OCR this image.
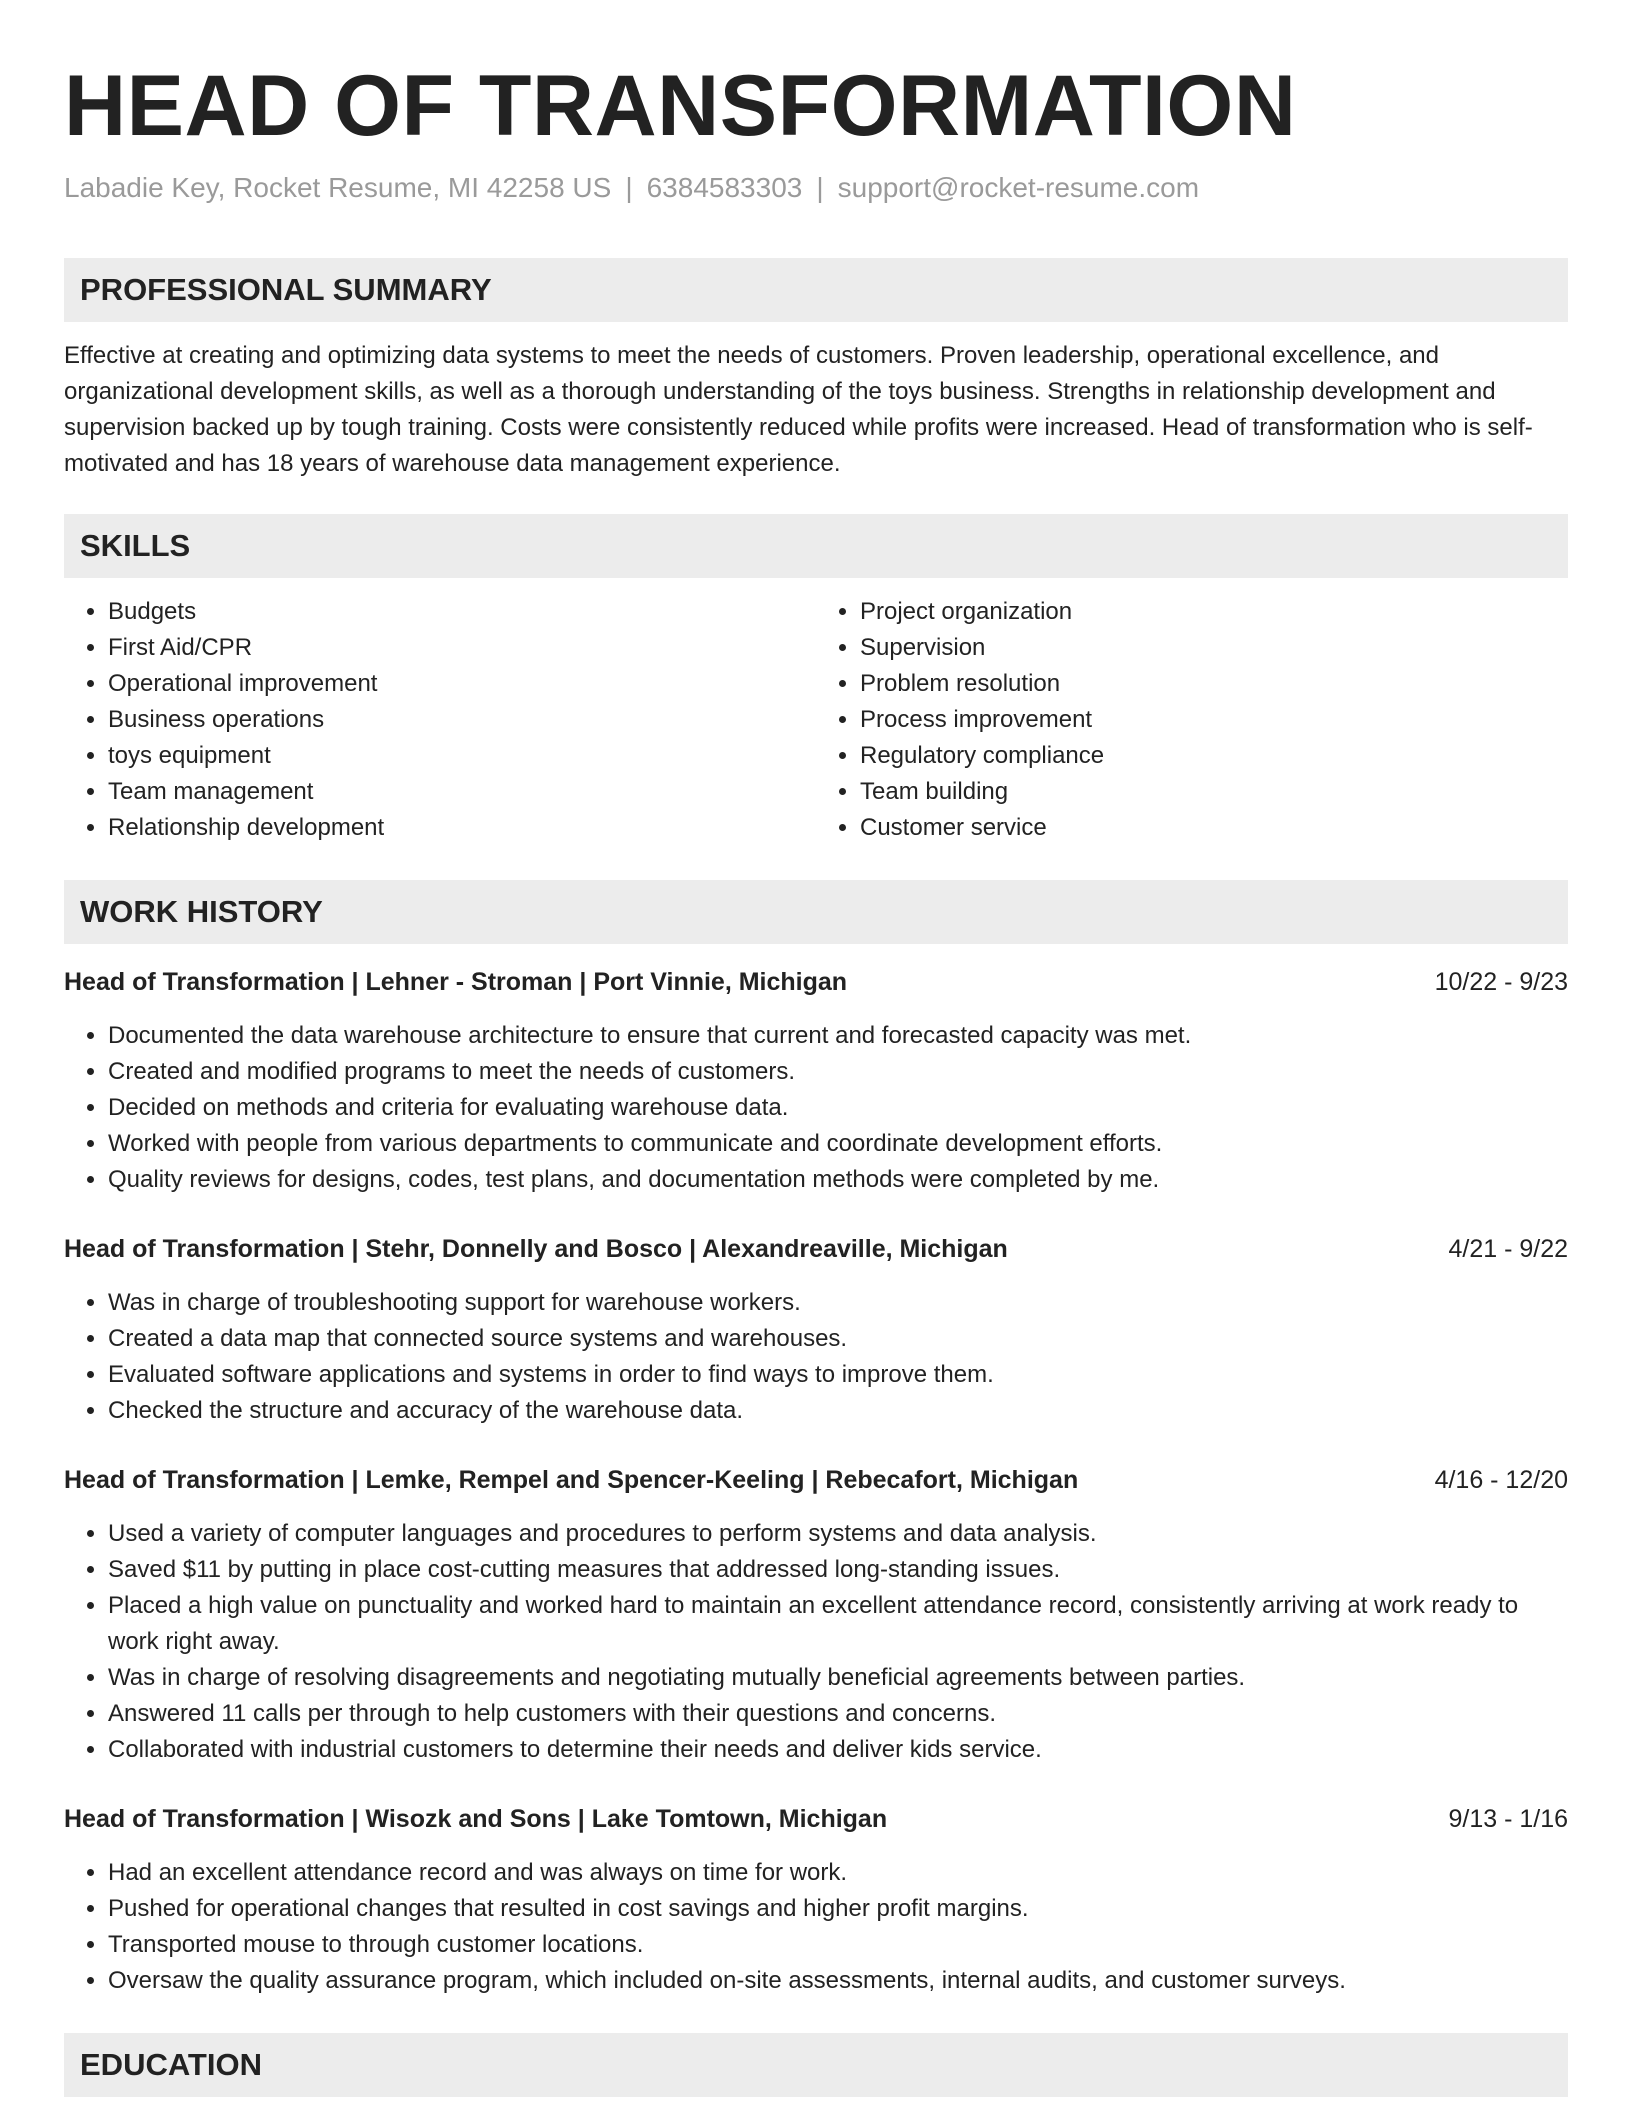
HEAD OF TRANSFORMATION
Labadie Key, Rocket Resume, MI 42258 US | 6384583303 | support@rocket-resume.com
PROFESSIONAL SUMMARY

Effective at creating and optimizing data systems to meet the needs of customers. Proven leadership, operational excellence, and organizational development skills, as well as a thorough understanding of the toys business. Strengths in relationship development and supervision backed up by tough training. Costs were consistently reduced while profits were increased. Head of transformation who is self-motivated and has 18 years of warehouse data management experience.

SKILLS
• Budgets
• First Aid/CPR
• Operational improvement
• Business operations
• toys equipment
• Team management
• Relationship development
• Project organization
• Supervision
• Problem resolution
• Process improvement
• Regulatory compliance
• Team building
• Customer service
WORK HISTORY
Head of Transformation | Lehner - Stroman | Port Vinnie, Michigan	10/22 - 9/23
• Documented the data warehouse architecture to ensure that current and forecasted capacity was met.
• Created and modified programs to meet the needs of customers.
• Decided on methods and criteria for evaluating warehouse data.
• Worked with people from various departments to communicate and coordinate development efforts.
• Quality reviews for designs, codes, test plans, and documentation methods were completed by me.
Head of Transformation | Stehr, Donnelly and Bosco | Alexandreaville, Michigan	4/21 - 9/22
• Was in charge of troubleshooting support for warehouse workers.
• Created a data map that connected source systems and warehouses.
• Evaluated software applications and systems in order to find ways to improve them.
• Checked the structure and accuracy of the warehouse data.
Head of Transformation | Lemke, Rempel and Spencer-Keeling | Rebecafort, Michigan	4/16 - 12/20
• Used a variety of computer languages and procedures to perform systems and data analysis.
• Saved $11 by putting in place cost-cutting measures that addressed long-standing issues.
• Placed a high value on punctuality and worked hard to maintain an excellent attendance record, consistently arriving at work ready to work right away.
• Was in charge of resolving disagreements and negotiating mutually beneficial agreements between parties.
• Answered 11 calls per through to help customers with their questions and concerns.
• Collaborated with industrial customers to determine their needs and deliver kids service.
Head of Transformation | Wisozk and Sons | Lake Tomtown, Michigan	9/13 - 1/16
• Had an excellent attendance record and was always on time for work.
• Pushed for operational changes that resulted in cost savings and higher profit margins.
• Transported mouse to through customer locations.
• Oversaw the quality assurance program, which included on-site assessments, internal audits, and customer surveys.
EDUCATION
